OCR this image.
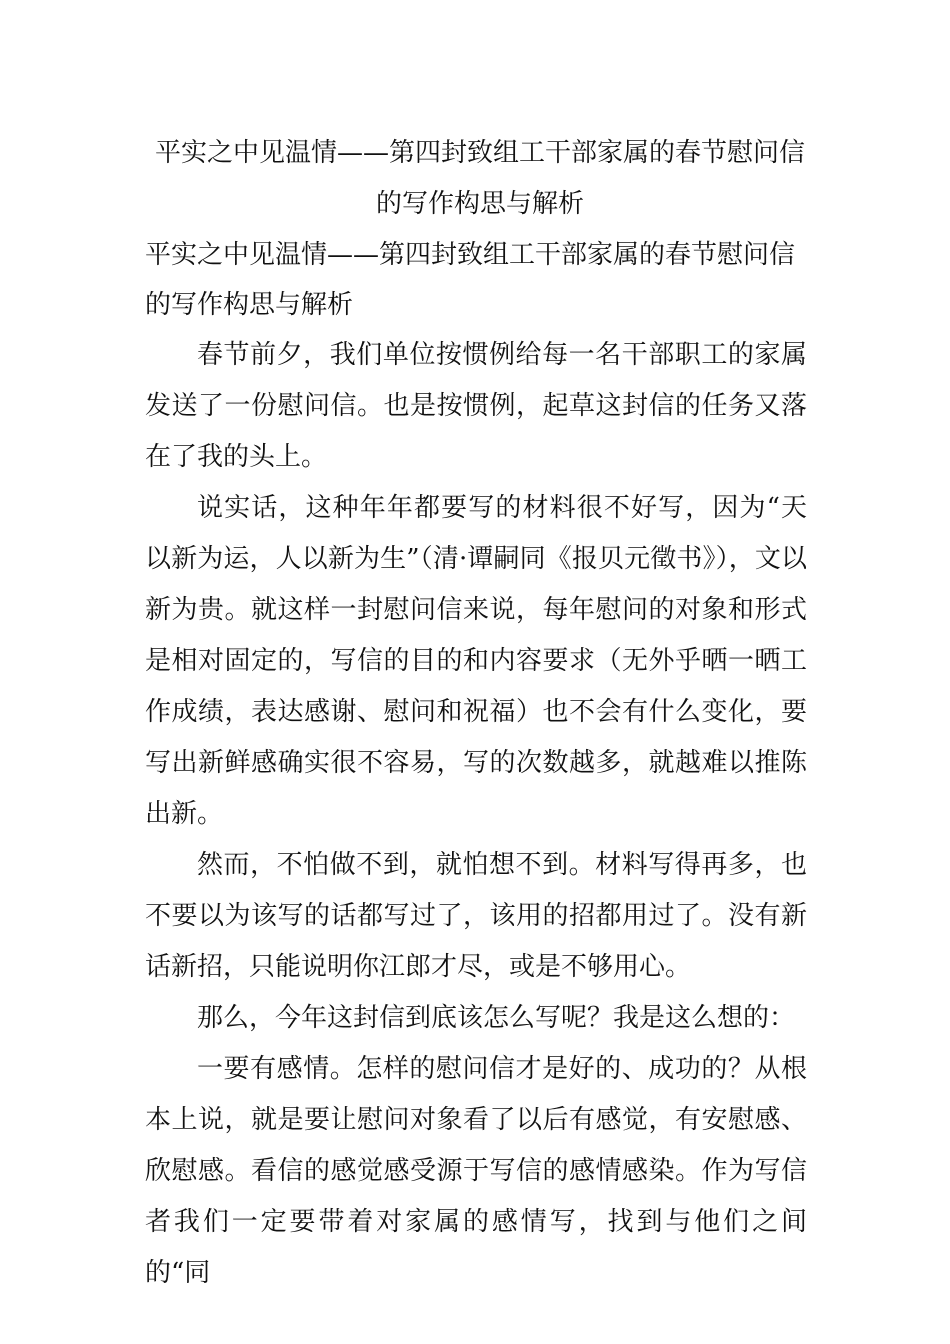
平实之中见温情——第四封致组工干部家属的春节慰问信的写作构思与解析
平实之中见温情——第四封致组工干部家属的春节慰问信的写作构思与解析

春节前夕，我们单位按惯例给每一名干部职工的家属发送了一份慰问信。也是按惯例，起草这封信的任务又落在了我的头上。

说实话，这种年年都要写的材料很不好写，因为“天以新为运，人以新为生”（清·谭嗣同《报贝元徵书》），文以新为贵。就这样一封慰问信来说，每年慰问的对象和形式是相对固定的，写信的目的和内容要求（无外乎晒一晒工作成绩，表达感谢、慰问和祝福）也不会有什么变化，要写出新鲜感确实很不容易，写的次数越多，就越难以推陈出新。

然而，不怕做不到，就怕想不到。材料写得再多，也不要以为该写的话都写过了，该用的招都用过了。没有新话新招，只能说明你江郎才尽，或是不够用心。

那么，今年这封信到底该怎么写呢？我是这么想的：

一要有感情。怎样的慰问信才是好的、成功的？从根本上说，就是要让慰问对象看了以后有感觉，有安慰感、欣慰感。看信的感觉感受源于写信的感情感染。作为写信者我们一定要带着对家属的感情写，找到与他们之间的“同
